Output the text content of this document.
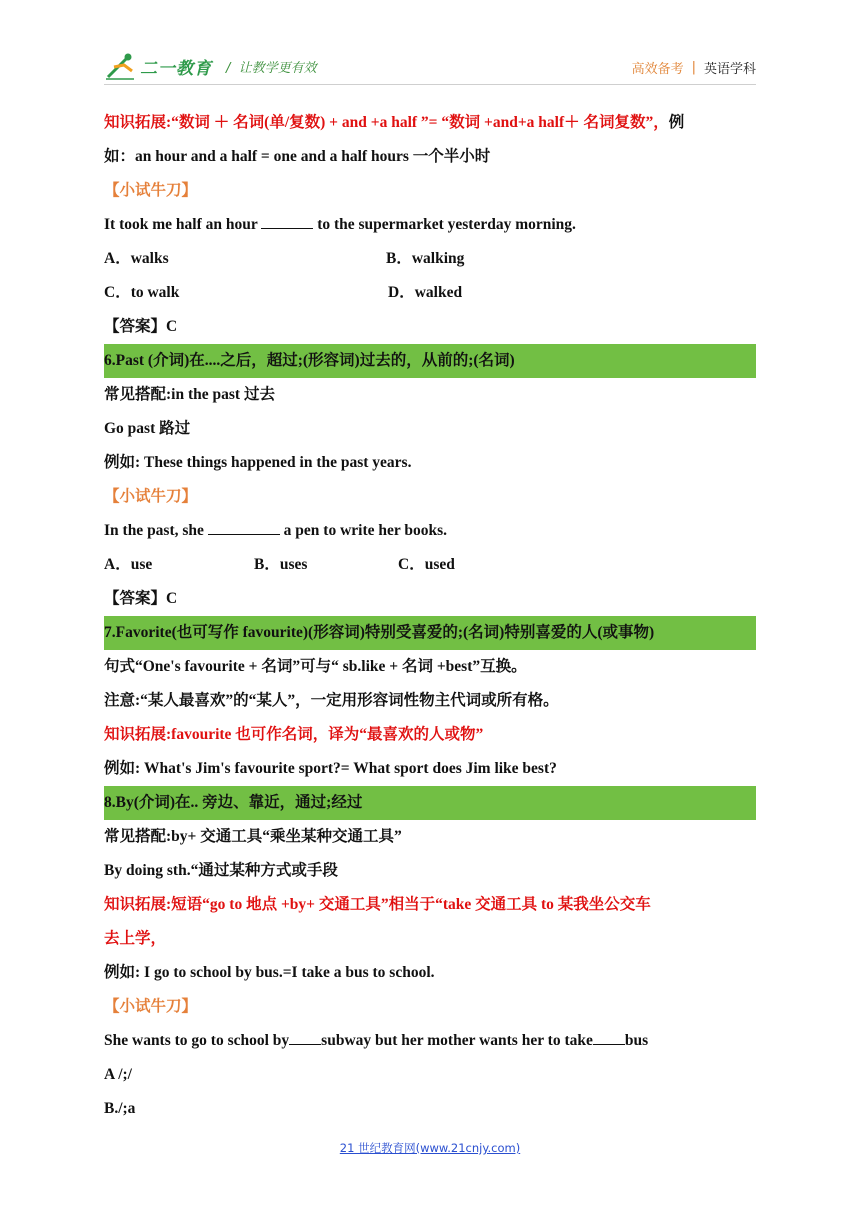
二一教育 /  让教学更有效	高效备考 | 英语学科
知识拓展:“数词 ＋ 名词(单/复数) + and +a half ”= “数词 +and+a half＋ 名词复数”，例
如：an hour and a half = one and a half hours 一个半小时
【小试牛刀】
It took me half an hour	to the supermarket yesterday morning.
A．walks	B．walking
C．to walk	D．walked
【答案】C
6.Past (介词)在....之后，超过;(形容词)过去的，从前的;(名词)
常见搭配:in the past 过去
Go past 路过
例如: These things happened in the past years.
【小试牛刀】
In the past, she	a pen to write her books.
A．use	B．uses	C．used
【答案】C
7.Favorite(也可写作 favourite)(形容词)特别受喜爱的;(名词)特别喜爱的人(或事物)
句式“One's favourite + 名词”可与“ sb.like + 名词 +best”互换。
注意:“某人最喜欢”的“某人”，一定用形容词性物主代词或所有格。
知识拓展:favourite 也可作名词，译为“最喜欢的人或物”
例如: What's Jim's favourite sport?= What sport does Jim like best?
8.By(介词)在.. 旁边、靠近，通过;经过
常见搭配:by+ 交通工具“乘坐某种交通工具”
By doing sth.“通过某种方式或手段
知识拓展:短语“go to 地点 +by+ 交通工具”相当于“take 交通工具 to 某我坐公交车
去上学，
例如: I go to school by bus.=I take a bus to school.
【小试牛刀】
She wants to go to school by subway but her mother wants her to take bus
A /;/
B./;a
21 世纪教育网(www.21cnjy.com)
